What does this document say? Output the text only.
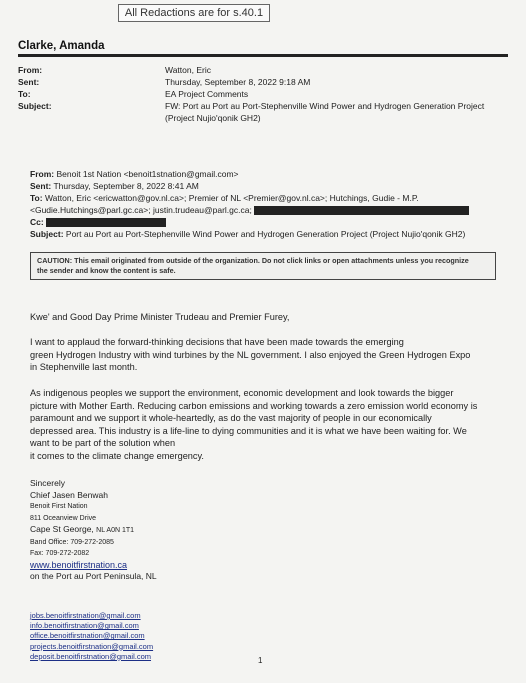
All Redactions are for s.40.1
Clarke, Amanda
From:	Watton, Eric
Sent:	Thursday, September 8, 2022 9:18 AM
To:	EA Project Comments
Subject:	FW: Port au Port au Port-Stephenville Wind Power and Hydrogen Generation Project
(Project Nujio'qonik GH2)
From: Benoit 1st Nation <benoit1stnation@gmail.com>
Sent: Thursday, September 8, 2022 8:41 AM
To: Watton, Eric <ericwatton@gov.nl.ca>; Premier of NL <Premier@gov.nl.ca>; Hutchings, Gudie - M.P.
<Gudie.Hutchings@parl.gc.ca>; justin.trudeau@parl.gc.ca;
Cc:
Subject: Port au Port au Port-Stephenville Wind Power and Hydrogen Generation Project (Project Nujio'qonik GH2)
CAUTION: This email originated from outside of the organization. Do not click links or open attachments unless you recognize
the sender and know the content is safe.
Kwe' and Good Day Prime Minister Trudeau and Premier Furey,
I want to applaud the forward-thinking decisions that have been made towards the emerging
green Hydrogen Industry with wind turbines by the NL government. I also enjoyed the Green Hydrogen Expo
in Stephenville last month.
As indigenous peoples we support the environment, economic development and look towards the bigger
picture with Mother Earth. Reducing carbon emissions and working towards a zero emission world economy is
paramount and we support it whole-heartedly, as do the vast majority of people in our economically
depressed area. This industry is a life-line to dying communities and it is what we have been waiting for. We
want to be part of the solution when
it comes to the climate change emergency.
Sincerely
Chief Jasen Benwah
Benoit First Nation
811 Oceanview Drive
Cape St George, NL A0N 1T1
Band Office: 709-272-2085
Fax: 709-272-2082
www.benoitfirstnation.ca
on the Port au Port Peninsula, NL
jobs.benoitfirstnation@gmail.com
info.benoitfirstnation@gmail.com
office.benoitfirstnation@gmail.com
projects.benoitfirstnation@gmail.com
deposit.benoitfirstnation@gmail.com	1
